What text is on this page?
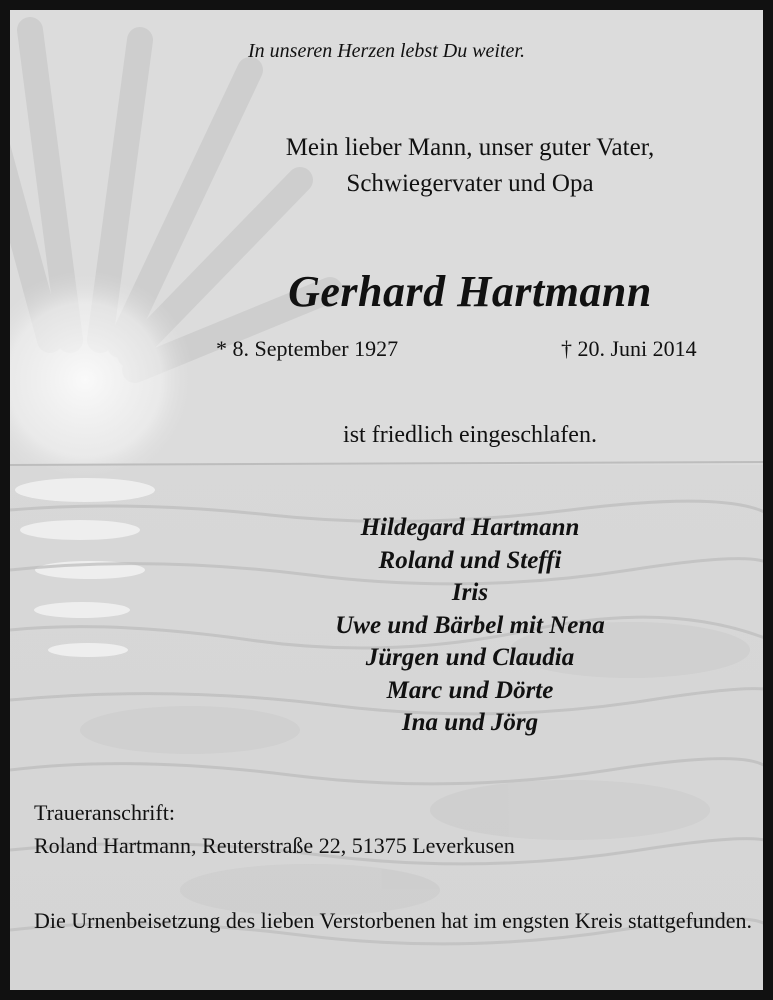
In unseren Herzen lebst Du weiter.
Mein lieber Mann, unser guter Vater,
Schwiegervater und Opa
Gerhard Hartmann
* 8. September 1927	† 20. Juni 2014
ist friedlich eingeschlafen.
Hildegard Hartmann
Roland und Steffi
Iris
Uwe und Bärbel mit Nena
Jürgen und Claudia
Marc und Dörte
Ina und Jörg
Traueranschrift:
Roland Hartmann, Reuterstraße 22, 51375 Leverkusen
Die Urnenbeisetzung des lieben Verstorbenen hat im engsten Kreis stattgefunden.
